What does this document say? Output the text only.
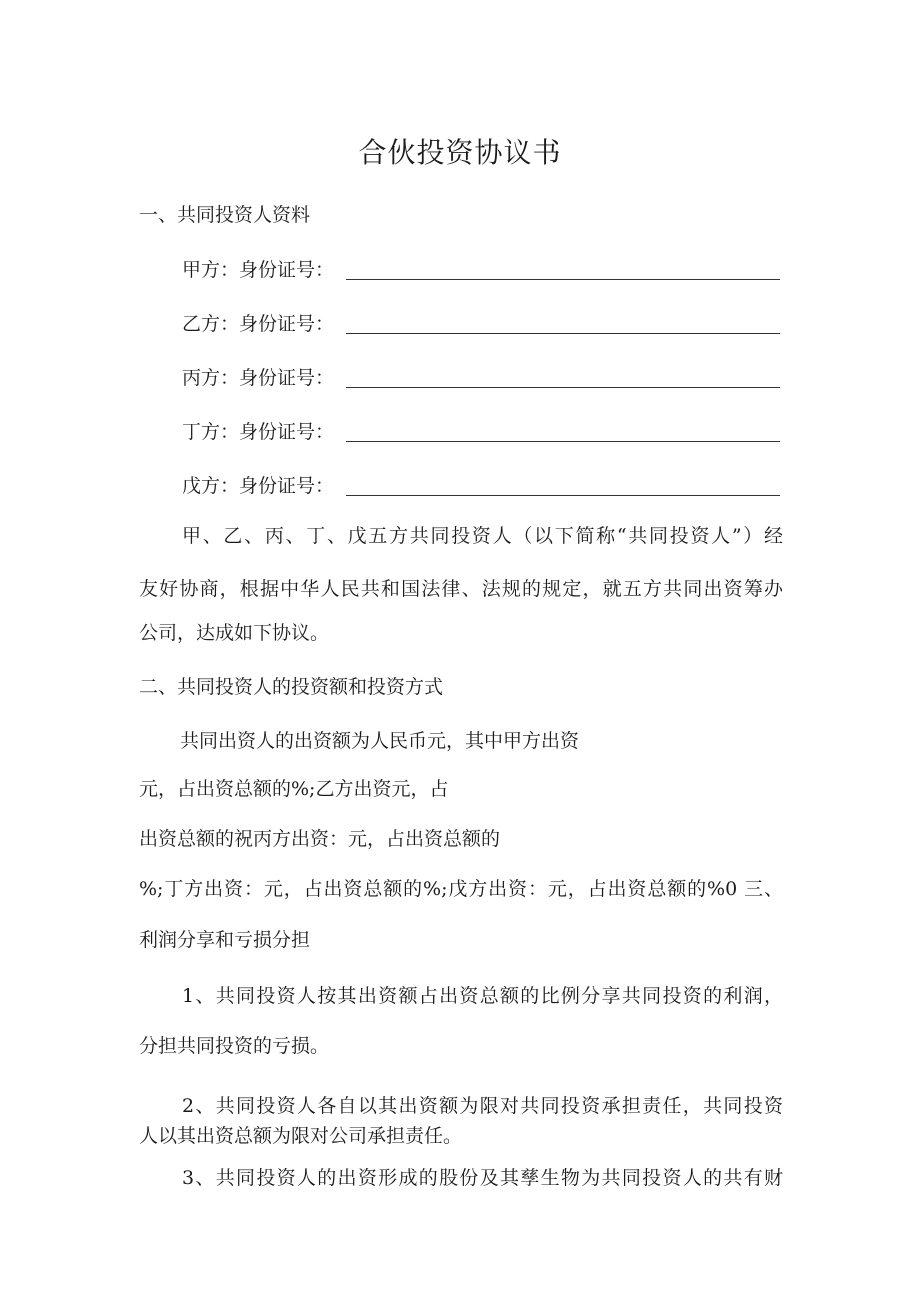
合伙投资协议书
一、共同投资人资料
甲方：身份证号：
乙方：身份证号：
丙方：身份证号：
丁方：身份证号：
戊方：身份证号：
甲、乙、丙、丁、戊五方共同投资人（以下简称“共同投资人”）经
友好协商，根据中华人民共和国法律、法规的规定，就五方共同出资筹办
公司，达成如下协议。
二、共同投资人的投资额和投资方式
共同出资人的出资额为人民币元，其中甲方出资
元，占出资总额的%;乙方出资元，占
出资总额的祝丙方出资：元，占出资总额的
%;丁方出资：元，占出资总额的%;戊方出资：元，占出资总额的%0 三、
利润分享和亏损分担
1、共同投资人按其出资额占出资总额的比例分享共同投资的利润，
分担共同投资的亏损。
2、共同投资人各自以其出资额为限对共同投资承担责任，共同投资
人以其出资总额为限对公司承担责任。
3、共同投资人的出资形成的股份及其孳生物为共同投资人的共有财
